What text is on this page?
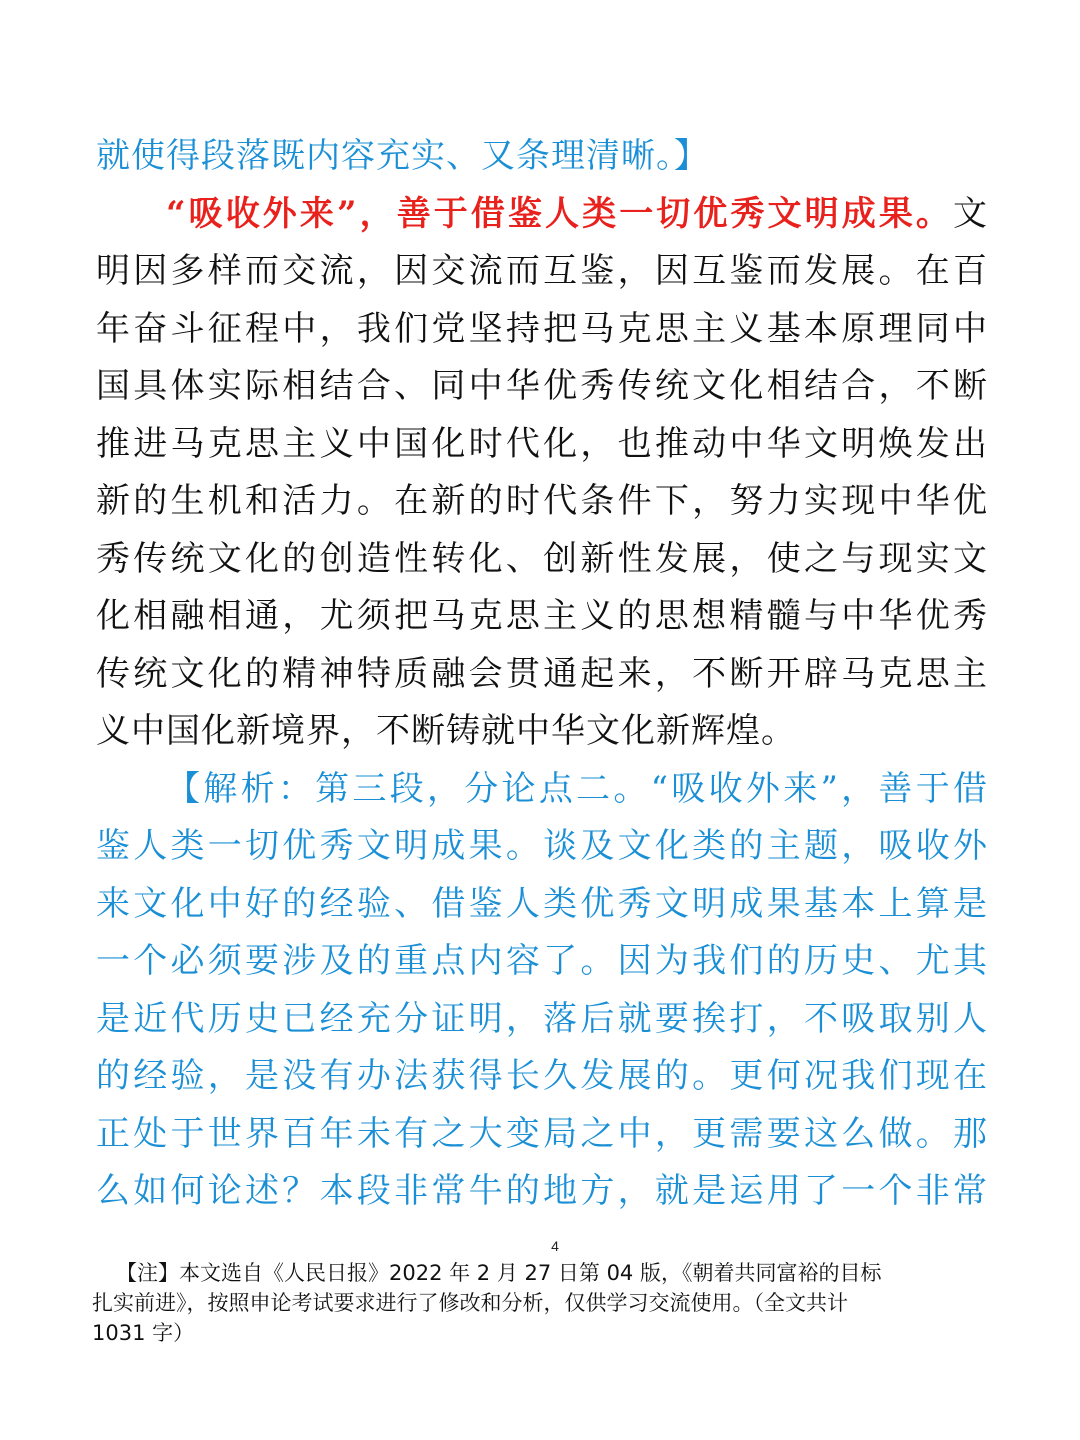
就使得段落既内容充实、又条理清晰。】
“吸收外来”，善于借鉴人类一切优秀文明成果。文
明因多样而交流，因交流而互鉴，因互鉴而发展。在百
年奋斗征程中，我们党坚持把马克思主义基本原理同中
国具体实际相结合、同中华优秀传统文化相结合，不断
推进马克思主义中国化时代化，也推动中华文明焕发出
新的生机和活力。在新的时代条件下，努力实现中华优
秀传统文化的创造性转化、创新性发展，使之与现实文
化相融相通，尤须把马克思主义的思想精髓与中华优秀
传统文化的精神特质融会贯通起来，不断开辟马克思主
义中国化新境界，不断铸就中华文化新辉煌。
【解析：第三段，分论点二。“吸收外来”，善于借
鉴人类一切优秀文明成果。谈及文化类的主题，吸收外
来文化中好的经验、借鉴人类优秀文明成果基本上算是
一个必须要涉及的重点内容了。因为我们的历史、尤其
是近代历史已经充分证明，落后就要挨打，不吸取别人
的经验，是没有办法获得长久发展的。更何况我们现在
正处于世界百年未有之大变局之中，更需要这么做。那
么如何论述？本段非常牛的地方，就是运用了一个非常
4
【注】本文选自《人民日报》2022 年 2 月 27 日第 04 版，《朝着共同富裕的目标
扎实前进》，按照申论考试要求进行了修改和分析，仅供学习交流使用。（全文共计
1031 字）
